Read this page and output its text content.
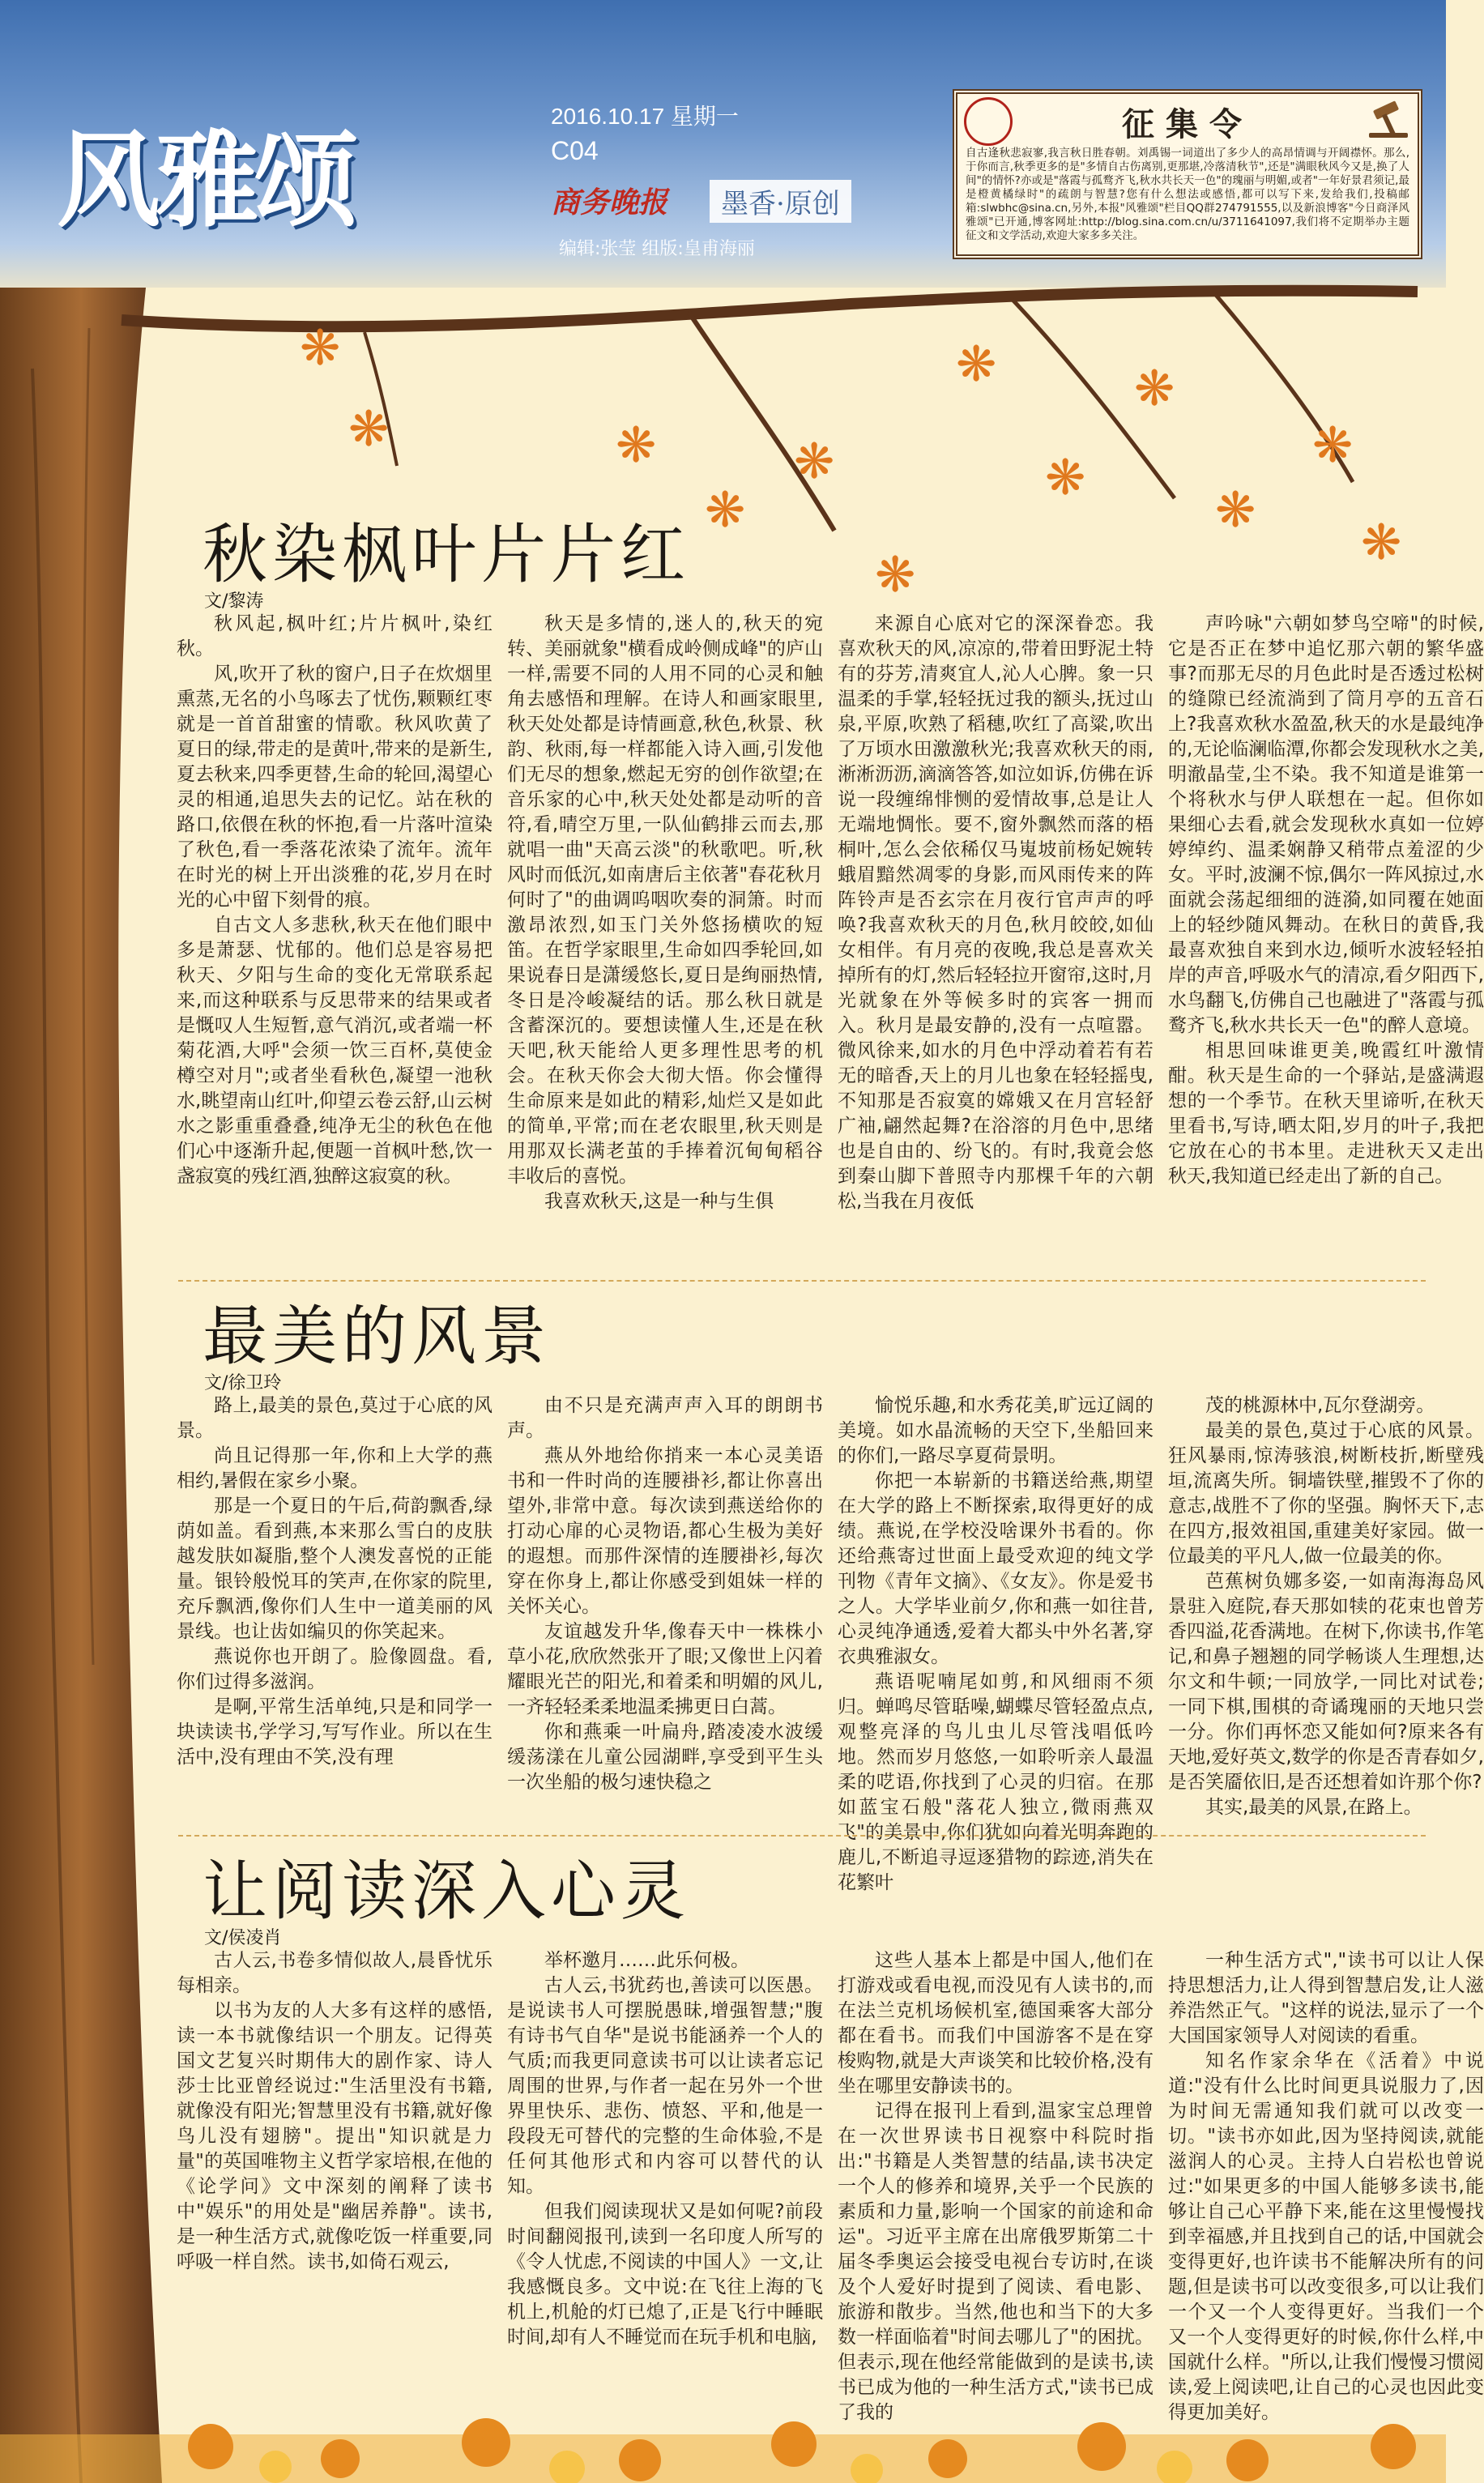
风雅颂
2016.10.17 星期一
C04
商务晚报	墨香·原创
编辑:张莹 组版:皇甫海丽
征集令
自古逢秋悲寂寥,我言秋日胜春朝。刘禹锡一词道出了多少人的高昂情调与开阔襟怀。那么,于你而言,秋季更多的是"多情自古伤离别,更那堪,冷落清秋节",还是"满眼秋风今又是,换了人间"的情怀?亦或是"落霞与孤鹜齐飞,秋水共长天一色"的瑰丽与明媚,或者"一年好景君须记,最是橙黄橘绿时"的疏朗与智慧?您有什么想法或感悟,都可以写下来,发给我们,投稿邮箱:slwbhc@sina.cn,另外,本报"风雅颂"栏目QQ群274791555,以及新浪博客"今日商泽风雅颂"已开通,博客网址:http://blog.sina.com.cn/u/3711641097,我们将不定期举办主题征文和文学活动,欢迎大家多多关注。
❋
❋	❋
❋
❋
❋
❋
❋
❋
❋
❋
❋
秋染枫叶片片红
文/黎涛

秋风起,枫叶红;片片枫叶,染红秋。

风,吹开了秋的窗户,日子在炊烟里熏蒸,无名的小鸟啄去了忧伤,颗颗红枣就是一首首甜蜜的情歌。秋风吹黄了夏日的绿,带走的是黄叶,带来的是新生,夏去秋来,四季更替,生命的轮回,渴望心灵的相通,追思失去的记忆。站在秋的路口,依偎在秋的怀抱,看一片落叶渲染了秋色,看一季落花浓染了流年。流年在时光的树上开出淡雅的花,岁月在时光的心中留下刻骨的痕。

自古文人多悲秋,秋天在他们眼中多是萧瑟、忧郁的。他们总是容易把秋天、夕阳与生命的变化无常联系起来,而这种联系与反思带来的结果或者是慨叹人生短暂,意气消沉,或者端一杯菊花酒,大呼"会须一饮三百杯,莫使金樽空对月";或者坐看秋色,凝望一池秋水,眺望南山红叶,仰望云卷云舒,山云树水之影重重叠叠,纯净无尘的秋色在他们心中逐渐升起,便题一首枫叶愁,饮一盏寂寞的残红酒,独醉这寂寞的秋。

秋天是多情的,迷人的,秋天的宛转、美丽就象"横看成岭侧成峰"的庐山一样,需要不同的人用不同的心灵和触角去感悟和理解。在诗人和画家眼里,秋天处处都是诗情画意,秋色,秋景、秋韵、秋雨,每一样都能入诗入画,引发他们无尽的想象,燃起无穷的创作欲望;在音乐家的心中,秋天处处都是动听的音符,看,晴空万里,一队仙鹤排云而去,那就唱一曲"天高云淡"的秋歌吧。听,秋风时而低沉,如南唐后主依著"春花秋月何时了"的曲调呜咽吹奏的洞箫。时而激昂浓烈,如玉门关外悠扬横吹的短笛。在哲学家眼里,生命如四季轮回,如果说春日是潇缓悠长,夏日是绚丽热情,冬日是冷峻凝结的话。那么秋日就是含蓄深沉的。要想读懂人生,还是在秋天吧,秋天能给人更多理性思考的机会。在秋天你会大彻大悟。你会懂得生命原来是如此的精彩,灿烂又是如此的简单,平常;而在老农眼里,秋天则是用那双长满老茧的手捧着沉甸甸稻谷丰收后的喜悦。

我喜欢秋天,这是一种与生俱

来源自心底对它的深深眷恋。我喜欢秋天的风,凉凉的,带着田野泥土特有的芬芳,清爽宜人,沁人心脾。象一只温柔的手掌,轻轻抚过我的额头,抚过山泉,平原,吹熟了稻穗,吹红了高粱,吹出了万顷水田激激秋光;我喜欢秋天的雨,淅淅沥沥,滴滴答答,如泣如诉,仿佛在诉说一段缠绵悱恻的爱情故事,总是让人无端地惆怅。要不,窗外飘然而落的梧桐叶,怎么会依稀仅马嵬坡前杨妃婉转蛾眉黯然凋零的身影,而风雨传来的阵阵铃声是否玄宗在月夜行官声声的呼唤?我喜欢秋天的月色,秋月皎皎,如仙女相伴。有月亮的夜晚,我总是喜欢关掉所有的灯,然后轻轻拉开窗帘,这时,月光就象在外等候多时的宾客一拥而入。秋月是最安静的,没有一点喧嚣。微风徐来,如水的月色中浮动着若有若无的暗香,天上的月儿也象在轻轻摇曳,不知那是否寂寞的嫦娥又在月宫轻舒广袖,翩然起舞?在浴溶的月色中,思绪也是自由的、纷飞的。有时,我竟会悠到秦山脚下普照寺内那棵千年的六朝松,当我在月夜低

声吟咏"六朝如梦鸟空啼"的时候,它是否正在梦中追忆那六朝的繁华盛事?而那无尽的月色此时是否透过松树的缝隙已经流淌到了筒月亭的五音石上?我喜欢秋水盈盈,秋天的水是最纯净的,无论临澜临潭,你都会发现秋水之美,明澈晶莹,尘不染。我不知道是谁第一个将秋水与伊人联想在一起。但你如果细心去看,就会发现秋水真如一位婷婷绰约、温柔娴静又稍带点羞涩的少女。平时,波澜不惊,偶尔一阵风掠过,水面就会荡起细细的涟漪,如同覆在她面上的轻纱随风舞动。在秋日的黄昏,我最喜欢独自来到水边,倾听水波轻轻拍岸的声音,呼吸水气的清凉,看夕阳西下,水鸟翻飞,仿佛自己也融进了"落霞与孤鹜齐飞,秋水共长天一色"的醉人意境。

相思回味谁更美,晚霞红叶激情酣。秋天是生命的一个驿站,是盛满遐想的一个季节。在秋天里谛听,在秋天里看书,写诗,晒太阳,岁月的叶子,我把它放在心的书本里。走进秋天又走出秋天,我知道已经走出了新的自己。

最美的风景
文/徐卫玲

路上,最美的景色,莫过于心底的风景。

尚且记得那一年,你和上大学的燕相约,暑假在家乡小聚。

那是一个夏日的午后,荷韵飘香,绿荫如盖。看到燕,本来那么雪白的皮肤越发肤如凝脂,整个人澳发喜悦的正能量。银铃般悦耳的笑声,在你家的院里,充斥飘洒,像你们人生中一道美丽的风景线。也让齿如编贝的你笑起来。

燕说你也开朗了。脸像圆盘。看,你们过得多滋润。

是啊,平常生活单纯,只是和同学一块读读书,学学习,写写作业。所以在生活中,没有理由不笑,没有理

由不只是充满声声入耳的朗朗书声。

燕从外地给你捎来一本心灵美语书和一件时尚的连腰褂衫,都让你喜出望外,非常中意。每次读到燕送给你的打动心扉的心灵物语,都心生极为美好的遐想。而那件深情的连腰褂衫,每次穿在你身上,都让你感受到姐妹一样的关怀关心。

友谊越发升华,像春天中一株株小草小花,欣欣然张开了眼;又像世上闪着耀眼光芒的阳光,和着柔和明媚的风儿,一齐轻轻柔柔地温柔拂更日白蒿。

你和燕乘一叶扁舟,踏凌凌水波缓缓荡漾在儿童公园湖畔,享受到平生头一次坐船的极匀速快稳之

愉悦乐趣,和水秀花美,旷远辽阔的美境。如水晶流畅的天空下,坐船回来的你们,一路尽享夏荷景明。

你把一本崭新的书籍送给燕,期望在大学的路上不断探索,取得更好的成绩。燕说,在学校没啥课外书看的。你还给燕寄过世面上最受欢迎的纯文学刊物《青年文摘》、《女友》。你是爱书之人。大学毕业前夕,你和燕一如往昔,心灵纯净通透,爱着大都头中外名著,穿衣典雅淑女。

燕语呢喃尾如剪,和风细雨不须归。蝉鸣尽管聒噪,蝴蝶尽管轻盈点点,观整亮泽的鸟儿虫儿尽管浅唱低吟地。然而岁月悠悠,一如聆听亲人最温柔的呓语,你找到了心灵的归宿。在那如蓝宝石般"落花人独立,微雨燕双飞"的美景中,你们犹如向着光明奔跑的鹿儿,不断追寻逗逐猎物的踪迹,消失在花繁叶

茂的桃源林中,瓦尔登湖旁。

最美的景色,莫过于心底的风景。狂风暴雨,惊涛骇浪,树断枝折,断壁残垣,流离失所。铜墙铁壁,摧毁不了你的意志,战胜不了你的坚强。胸怀天下,志在四方,报效祖国,重建美好家园。做一位最美的平凡人,做一位最美的你。

芭蕉树负娜多姿,一如南海海岛风景驻入庭院,春天那如犊的花束也曾芳香四溢,花香满地。在树下,你读书,作笔记,和鼻子翘翘的同学畅谈人生理想,达尔文和牛顿;一同放学,一同比对试卷;一同下棋,围棋的奇谲瑰丽的天地只尝一分。你们再怀恋又能如何?原来各有天地,爱好英文,数学的你是否青春如夕,是否笑靥依旧,是否还想着如许那个你?

其实,最美的风景,在路上。

让阅读深入心灵
文/侯凌肖

古人云,书卷多情似故人,晨昏忧乐每相亲。

以书为友的人大多有这样的感悟,读一本书就像结识一个朋友。记得英国文艺复兴时期伟大的剧作家、诗人莎士比亚曾经说过:"生活里没有书籍,就像没有阳光;智慧里没有书籍,就好像鸟儿没有翅膀"。提出"知识就是力量"的英国唯物主义哲学家培根,在他的《论学问》文中深刻的阐释了读书中"娱乐"的用处是"幽居养静"。读书,是一种生活方式,就像吃饭一样重要,同呼吸一样自然。读书,如倚石观云,

举杯邀月……此乐何极。

古人云,书犹药也,善读可以医愚。是说读书人可摆脱愚昧,增强智慧;"腹有诗书气自华"是说书能涵养一个人的气质;而我更同意读书可以让读者忘记周围的世界,与作者一起在另外一个世界里快乐、悲伤、愤怒、平和,他是一段段无可替代的完整的生命体验,不是任何其他形式和内容可以替代的认知。

但我们阅读现状又是如何呢?前段时间翻阅报刊,读到一名印度人所写的《令人忧虑,不阅读的中国人》一文,让我感慨良多。文中说:在飞往上海的飞机上,机舱的灯已熄了,正是飞行中睡眠时间,却有人不睡觉而在玩手机和电脑,

这些人基本上都是中国人,他们在打游戏或看电视,而没见有人读书的,而在法兰克机场候机室,德国乘客大部分都在看书。而我们中国游客不是在穿梭购物,就是大声谈笑和比较价格,没有坐在哪里安静读书的。

记得在报刊上看到,温家宝总理曾在一次世界读书日视察中科院时指出:"书籍是人类智慧的结晶,读书决定一个人的修养和境界,关乎一个民族的素质和力量,影响一个国家的前途和命运"。习近平主席在出席俄罗斯第二十届冬季奥运会接受电视台专访时,在谈及个人爱好时提到了阅读、看电影、旅游和散步。当然,他也和当下的大多数一样面临着"时间去哪儿了"的困扰。但表示,现在他经常能做到的是读书,读书已成为他的一种生活方式,"读书已成了我的

一种生活方式","读书可以让人保持思想活力,让人得到智慧启发,让人滋养浩然正气。"这样的说法,显示了一个大国国家领导人对阅读的看重。

知名作家余华在《活着》中说道:"没有什么比时间更具说服力了,因为时间无需通知我们就可以改变一切。"读书亦如此,因为坚持阅读,就能滋润人的心灵。主持人白岩松也曾说过:"如果更多的中国人能够多读书,能够让自己心平静下来,能在这里慢慢找到幸福感,并且找到自己的话,中国就会变得更好,也许读书不能解决所有的问题,但是读书可以改变很多,可以让我们一个又一个人变得更好。当我们一个又一个人变得更好的时候,你什么样,中国就什么样。"所以,让我们慢慢习惯阅读,爱上阅读吧,让自己的心灵也因此变得更加美好。
